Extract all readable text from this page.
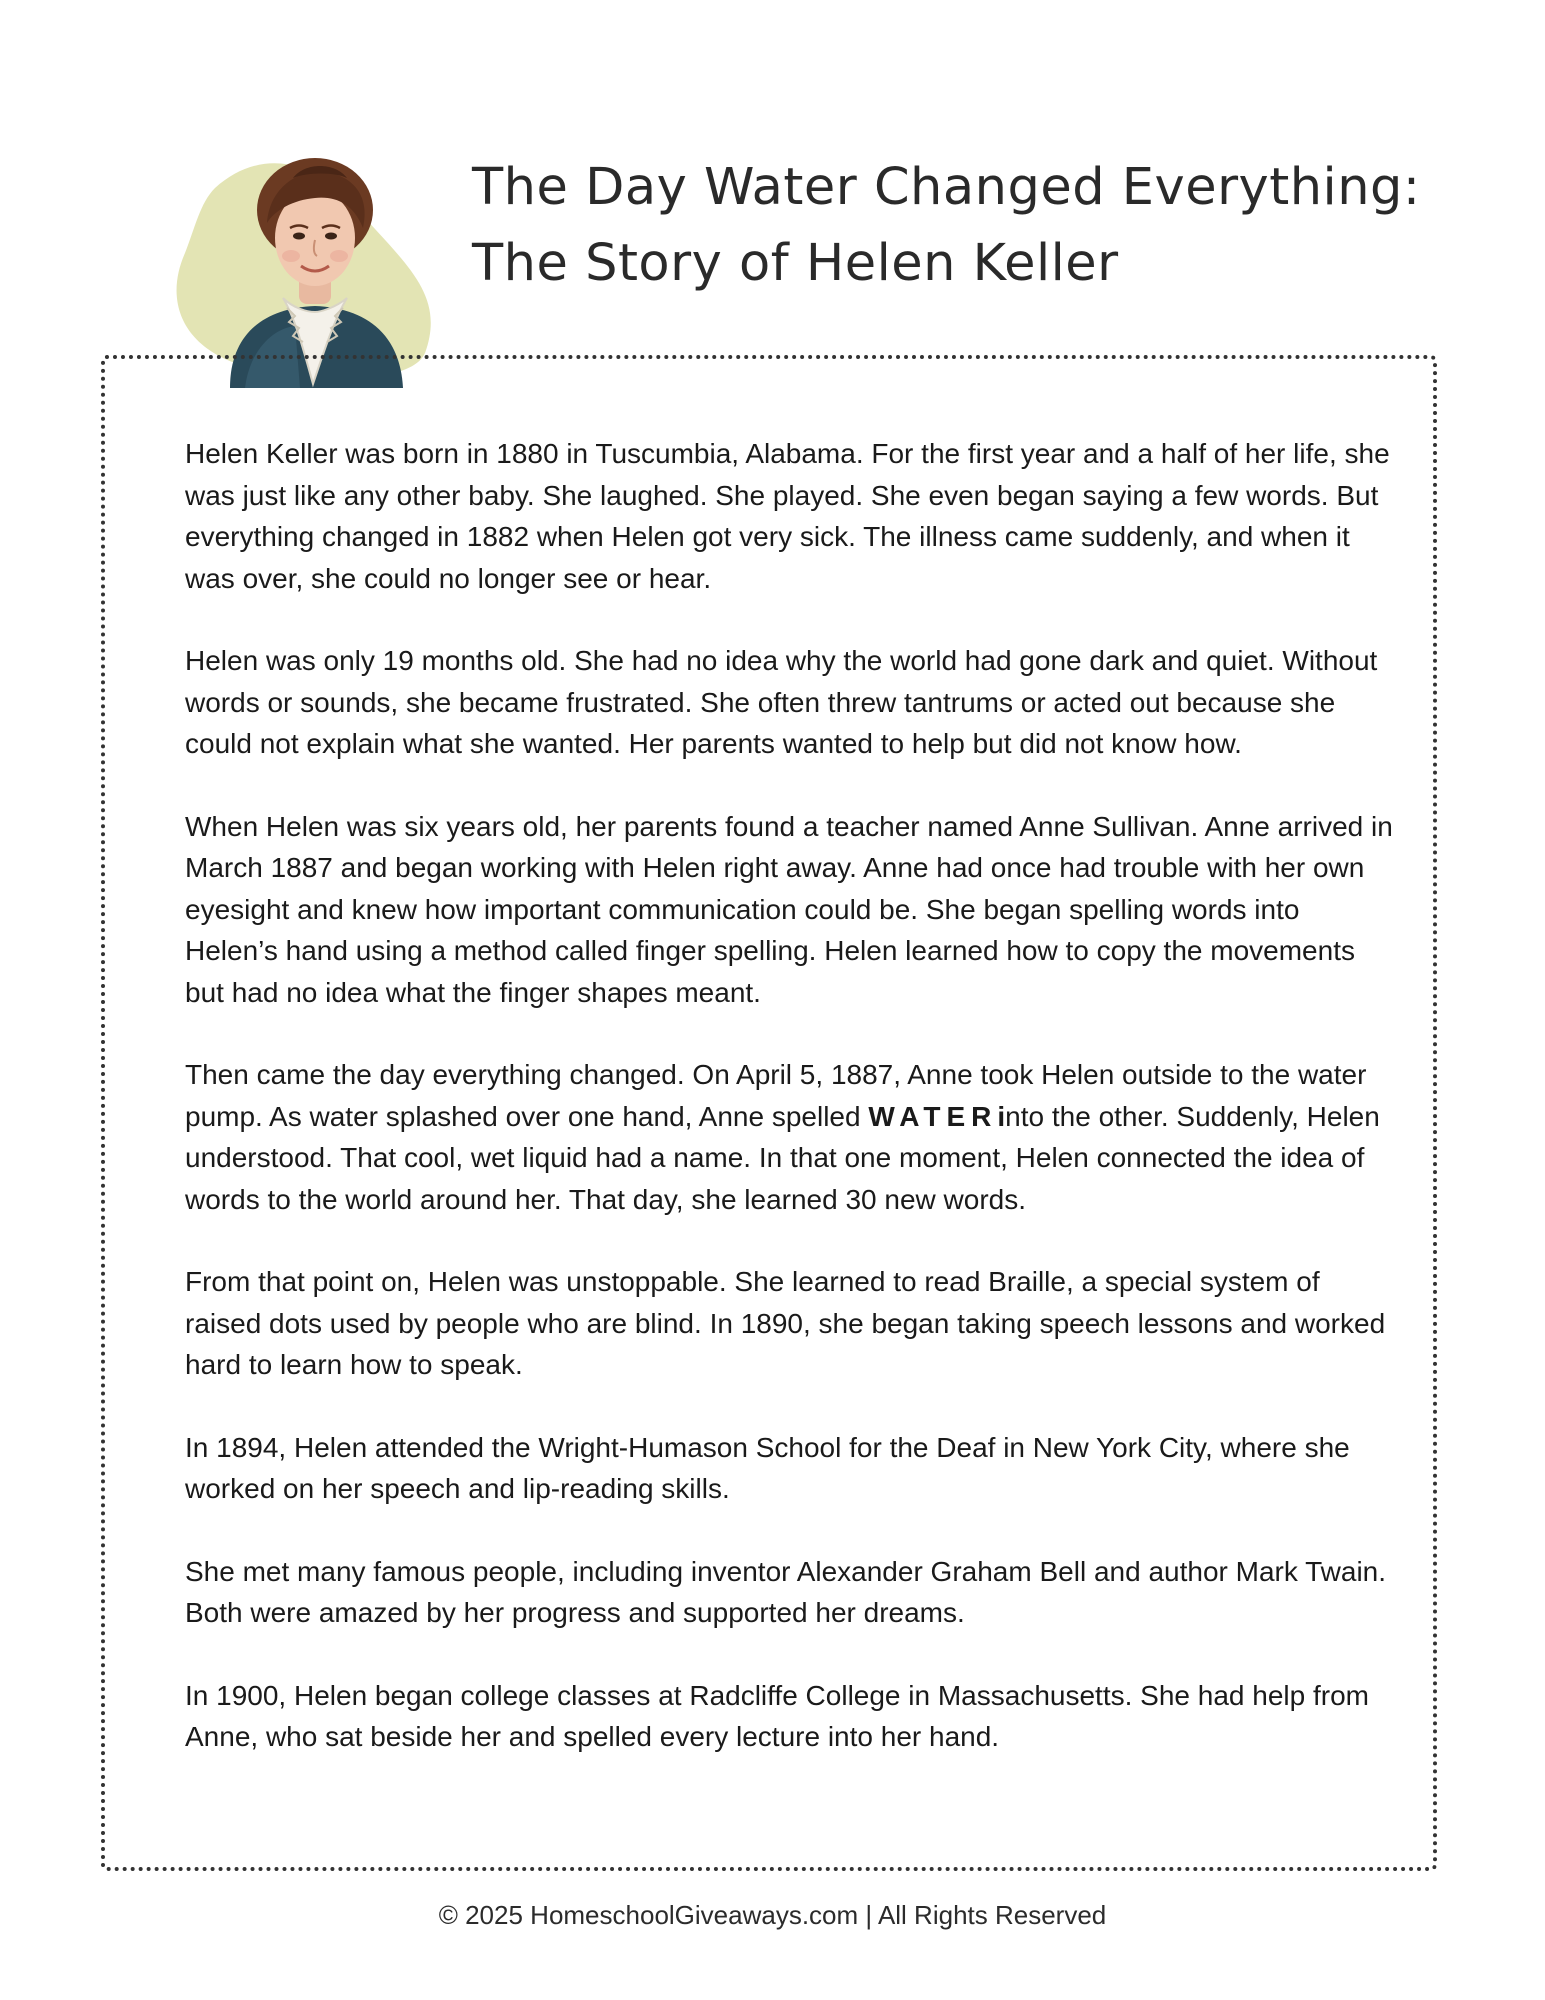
The Day Water Changed Everything:
The Story of Helen Keller

Helen Keller was born in 1880 in Tuscumbia, Alabama. For the first year and a half of her life, she was just like any other baby. She laughed. She played. She even began saying a few words. But everything changed in 1882 when Helen got very sick. The illness came suddenly, and when it was over, she could no longer see or hear.

Helen was only 19 months old. She had no idea why the world had gone dark and quiet. Without words or sounds, she became frustrated. She often threw tantrums or acted out because she could not explain what she wanted. Her parents wanted to help but did not know how.

When Helen was six years old, her parents found a teacher named Anne Sullivan. Anne arrived in March 1887 and began working with Helen right away. Anne had once had trouble with her own eyesight and knew how important communication could be. She began spelling words into Helen’s hand using a method called finger spelling. Helen learned how to copy the movements but had no idea what the finger shapes meant.

Then came the day everything changed. On April 5, 1887, Anne took Helen outside to the water pump. As water splashed over one hand, Anne spelled WATERinto the other. Suddenly, Helen understood. That cool, wet liquid had a name. In that one moment, Helen connected the idea of words to the world around her. That day, she learned 30 new words.

From that point on, Helen was unstoppable. She learned to read Braille, a special system of raised dots used by people who are blind. In 1890, she began taking speech lessons and worked hard to learn how to speak.

In 1894, Helen attended the Wright-Humason School for the Deaf in New York City, where she worked on her speech and lip-reading skills.

She met many famous people, including inventor Alexander Graham Bell and author Mark Twain. Both were amazed by her progress and supported her dreams.

In 1900, Helen began college classes at Radcliffe College in Massachusetts. She had help from Anne, who sat beside her and spelled every lecture into her hand.

© 2025 HomeschoolGiveaways.com | All Rights Reserved
